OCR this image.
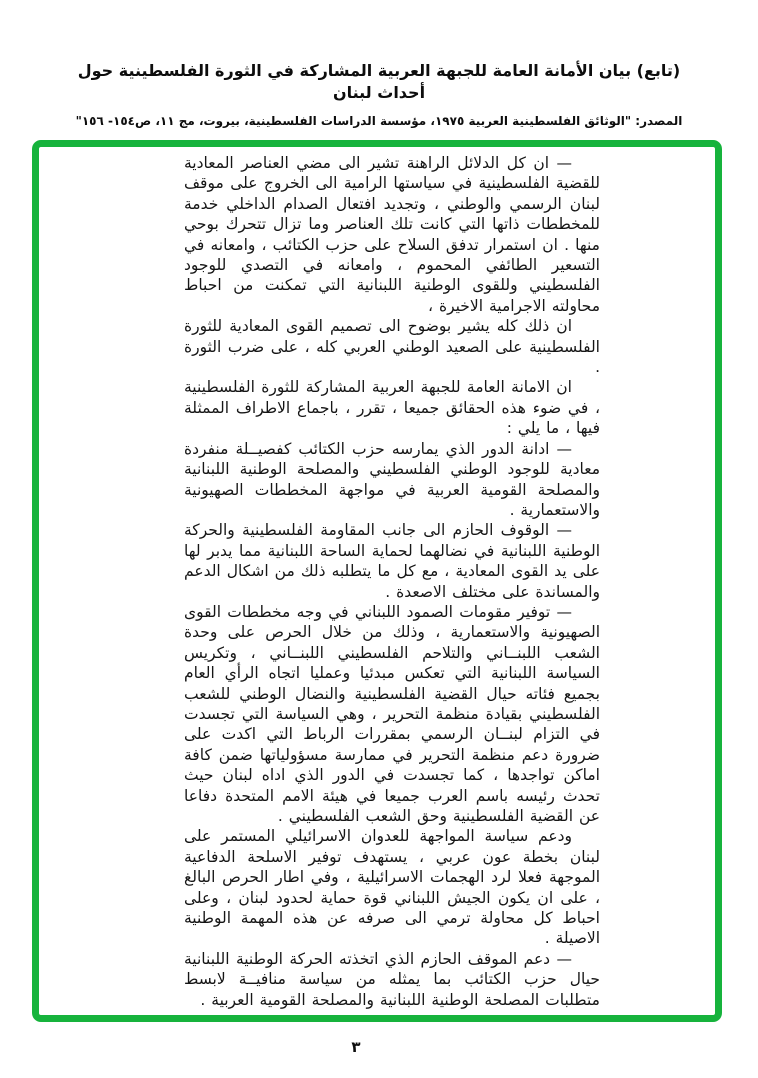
(تابع) بيان الأمانة العامة للجبهة العربية المشاركة في الثورة الفلسطينية حول أحداث لبنان
المصدر: "الوثائق الفلسطينية العربية ١٩٧٥، مؤسسة الدراسات الفلسطينية، بيروت، مج ١١، ص١٥٤- ١٥٦"

— ان كل الدلائل الراهنة تشير الى مضي العناصر المعادية للقضية الفلسطينية في سياستها الرامية الى الخروج على موقف لبنان الرسمي والوطني ، وتجديد افتعال الصدام الداخلي خدمة للمخططات ذاتها التي كانت تلك العناصر وما تزال تتحرك بوحي منها . ان استمرار تدفق السلاح على حزب الكتائب ، وامعانه في التسعير الطائفي المحموم ، وامعانه في التصدي للوجود الفلسطيني وللقوى الوطنية اللبنانية التي تمكنت من احباط محاولته الاجرامية الاخيرة ،

ان ذلك كله يشير بوضوح الى تصميم القوى المعادية للثورة الفلسطينية على الصعيد الوطني العربي كله ، على ضرب الثورة .

ان الامانة العامة للجبهة العربية المشاركة للثورة الفلسطينية ، في ضوء هذه الحقائق جميعا ، تقرر ، باجماع الاطراف الممثلة فيها ، ما يلي :

— ادانة الدور الذي يمارسه حزب الكتائب كفصيــلة منفردة معادية للوجود الوطني الفلسطيني والمصلحة الوطنية اللبنانية والمصلحة القومية العربية في مواجهة المخططات الصهيونية والاستعمارية .

— الوقوف الحازم الى جانب المقاومة الفلسطينية والحركة الوطنية اللبنانية في نضالهما لحماية الساحة اللبنانية مما يدبر لها على يد القوى المعادية ، مع كل ما يتطلبه ذلك من اشكال الدعم والمساندة على مختلف الاصعدة .

— توفير مقومات الصمود اللبناني في وجه مخططات القوى الصهيونية والاستعمارية ، وذلك من خلال الحرص على وحدة الشعب اللبنــاني والتلاحم الفلسطيني اللبنــاني ، وتكريس السياسة اللبنانية التي تعكس مبدئيا وعمليا اتجاه الرأي العام بجميع فئاته حيال القضية الفلسطينية والنضال الوطني للشعب الفلسطيني بقيادة منظمة التحرير ، وهي السياسة التي تجسدت في التزام لبنــان الرسمي بمقررات الرباط التي اكدت على ضرورة دعم منظمة التحرير في ممارسة مسؤولياتها ضمن كافة اماكن تواجدها ، كما تجسدت في الدور الذي اداه لبنان حيث تحدث رئيسه باسم العرب جميعا في هيئة الامم المتحدة دفاعا عن القضية الفلسطينية وحق الشعب الفلسطيني .

ودعم سياسة المواجهة للعدوان الاسرائيلي المستمر على لبنان بخطة عون عربي ، يستهدف توفير الاسلحة الدفاعية الموجهة فعلا لرد الهجمات الاسرائيلية ، وفي اطار الحرص البالغ ، على ان يكون الجيش اللبناني قوة حماية لحدود لبنان ، وعلى احباط كل محاولة ترمي الى صرفه عن هذه المهمة الوطنية الاصيلة .

— دعم الموقف الحازم الذي اتخذته الحركة الوطنية اللبنانية حيال حزب الكتائب بما يمثله من سياسة منافيــة لابسط متطلبات المصلحة الوطنية اللبنانية والمصلحة القومية العربية .

٣
